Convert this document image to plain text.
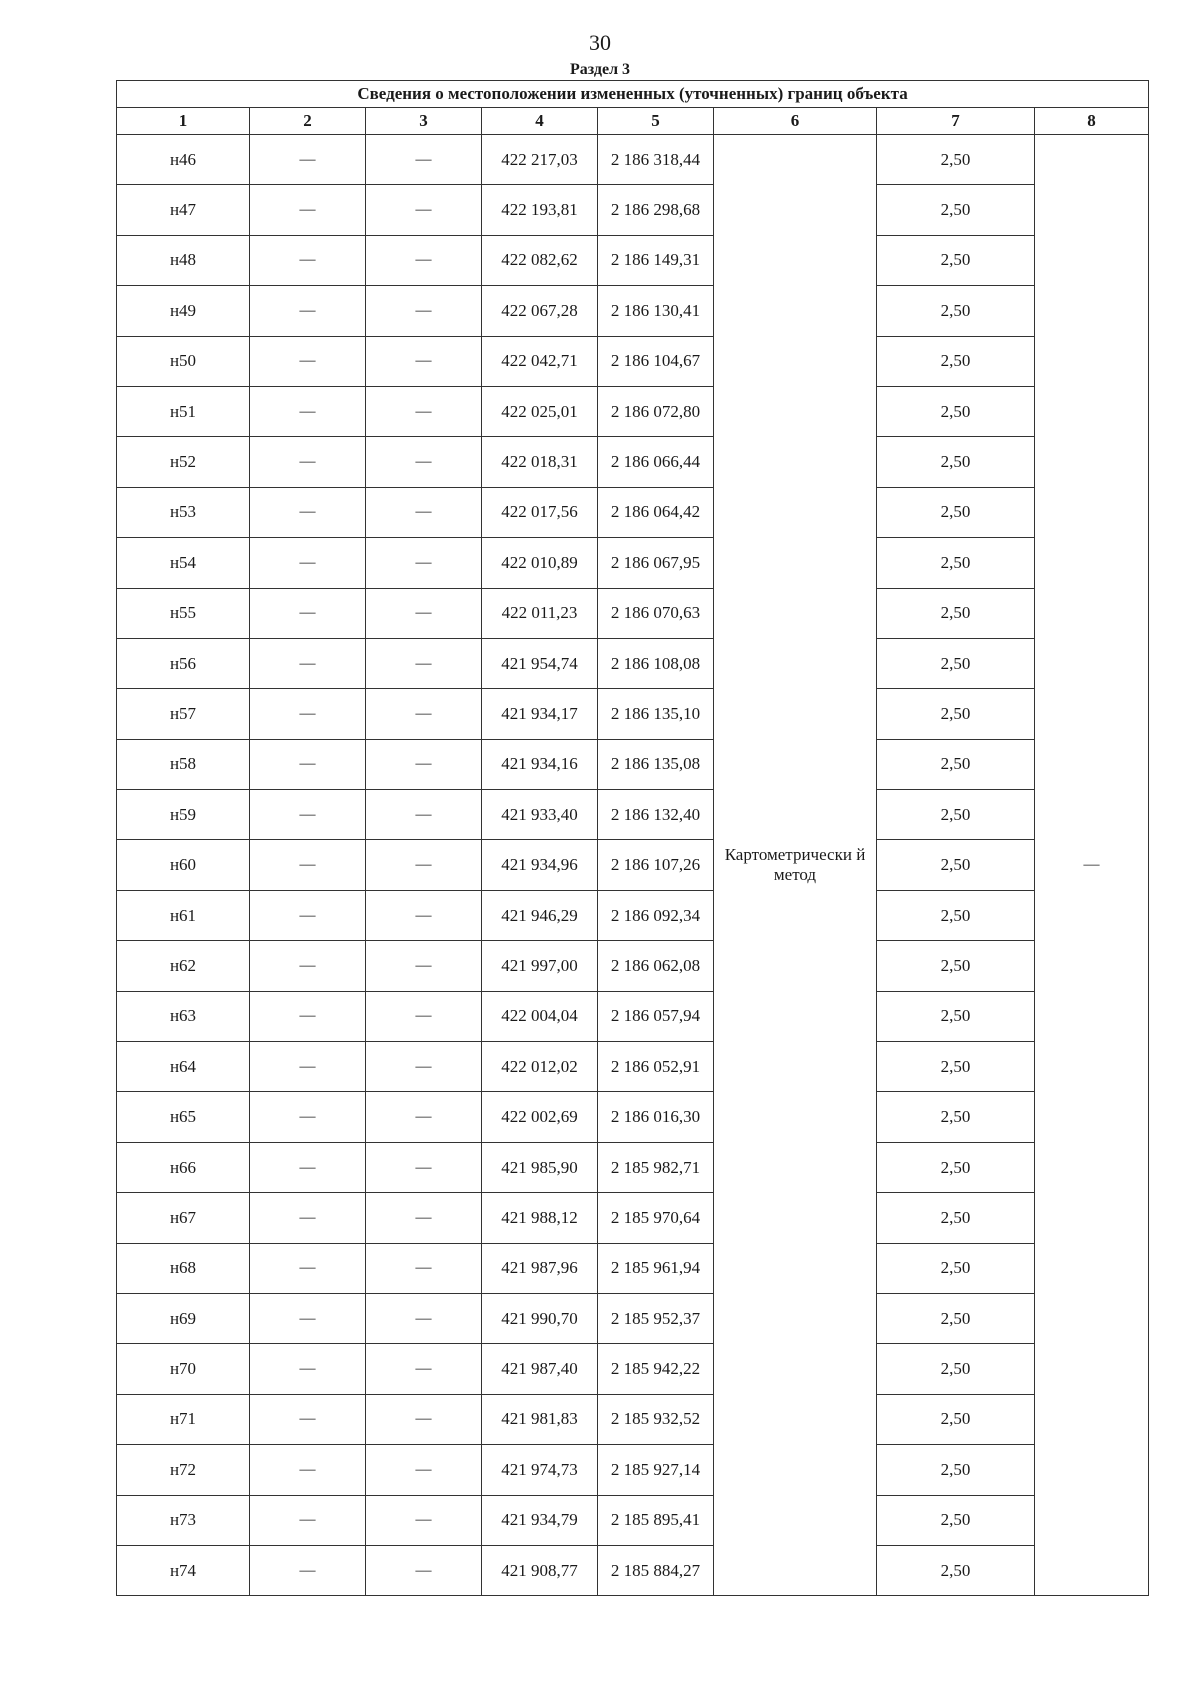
30
Раздел 3
Сведения о местоположении измененных (уточненных) границ объекта							
1	2	3	4	5	6	7	8
н46	—	—	422 217,03	2 186 318,44	Картометрически й метод	2,50	—
н47	—	—	422 193,81	2 186 298,68		2,50	
н48	—	—	422 082,62	2 186 149,31		2,50	
н49	—	—	422 067,28	2 186 130,41		2,50	
н50	—	—	422 042,71	2 186 104,67		2,50	
н51	—	—	422 025,01	2 186 072,80		2,50	
н52	—	—	422 018,31	2 186 066,44		2,50	
н53	—	—	422 017,56	2 186 064,42		2,50	
н54	—	—	422 010,89	2 186 067,95		2,50	
н55	—	—	422 011,23	2 186 070,63		2,50	
н56	—	—	421 954,74	2 186 108,08		2,50	
н57	—	—	421 934,17	2 186 135,10		2,50	
н58	—	—	421 934,16	2 186 135,08		2,50	
н59	—	—	421 933,40	2 186 132,40		2,50	
н60	—	—	421 934,96	2 186 107,26		2,50	
н61	—	—	421 946,29	2 186 092,34		2,50	
н62	—	—	421 997,00	2 186 062,08		2,50	
н63	—	—	422 004,04	2 186 057,94		2,50	
н64	—	—	422 012,02	2 186 052,91		2,50	
н65	—	—	422 002,69	2 186 016,30		2,50	
н66	—	—	421 985,90	2 185 982,71		2,50	
н67	—	—	421 988,12	2 185 970,64		2,50	
н68	—	—	421 987,96	2 185 961,94		2,50	
н69	—	—	421 990,70	2 185 952,37		2,50	
н70	—	—	421 987,40	2 185 942,22		2,50	
н71	—	—	421 981,83	2 185 932,52		2,50	
н72	—	—	421 974,73	2 185 927,14		2,50	
н73	—	—	421 934,79	2 185 895,41		2,50	
н74	—	—	421 908,77	2 185 884,27		2,50	
